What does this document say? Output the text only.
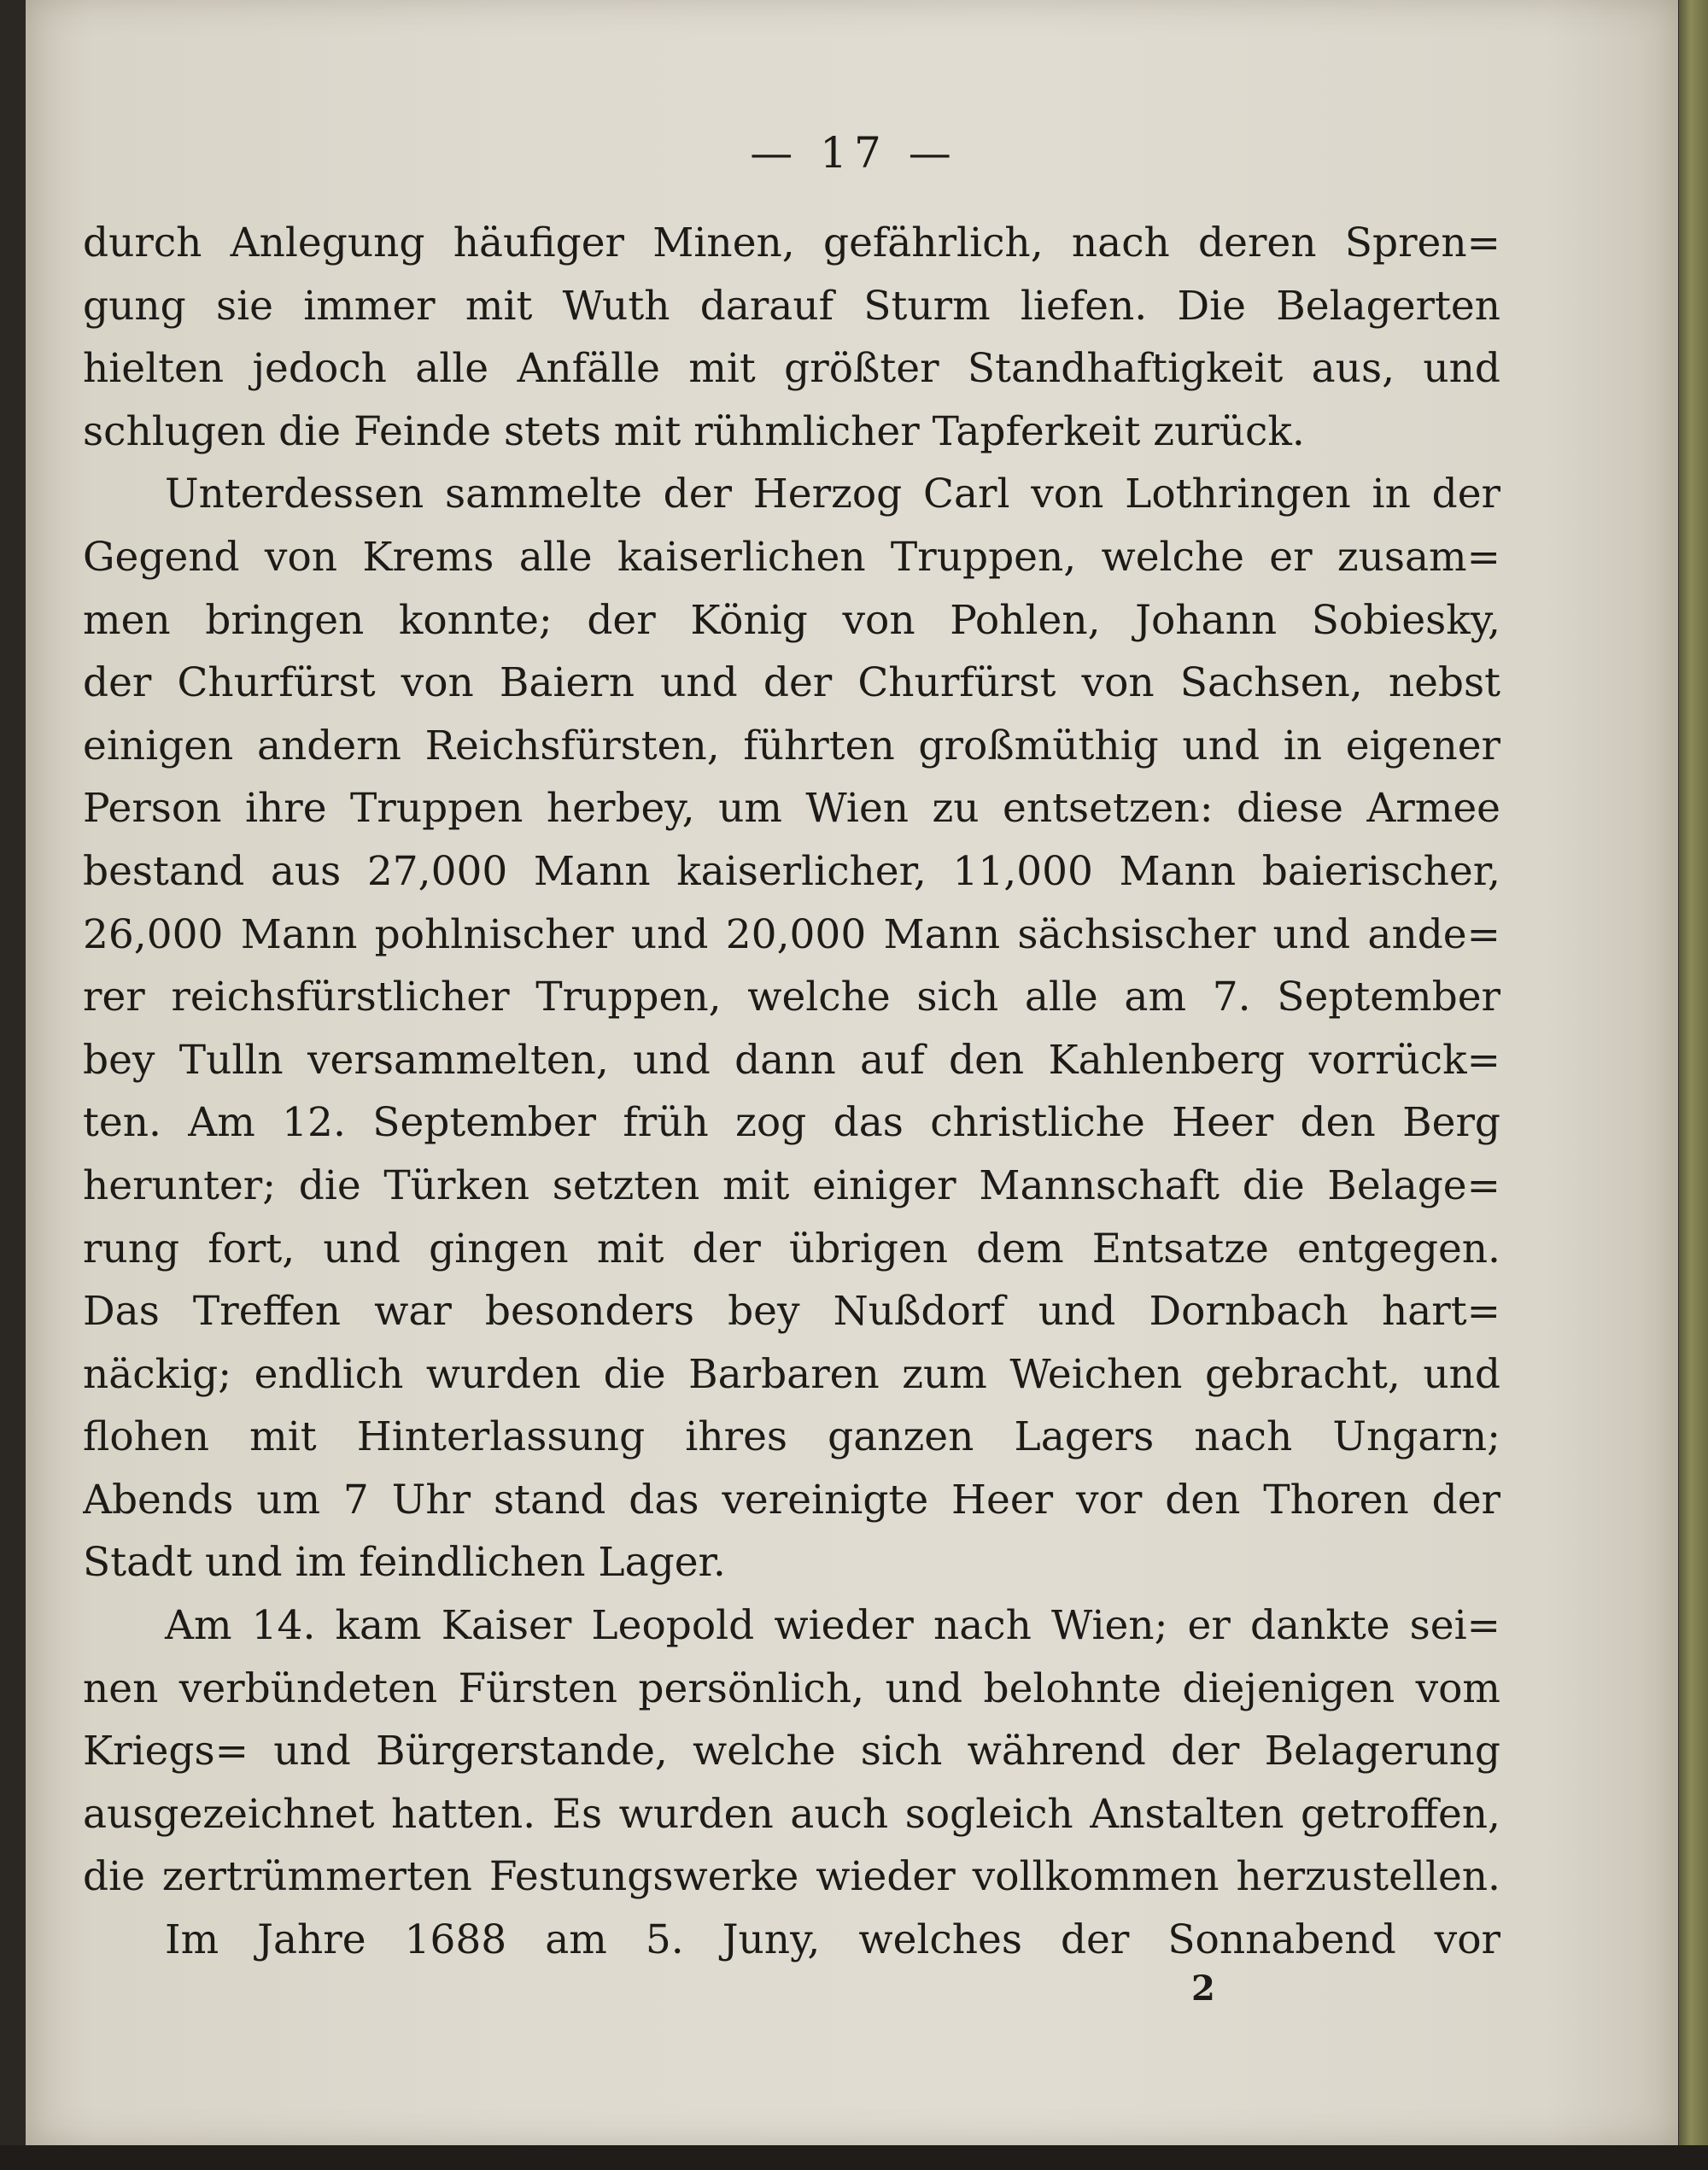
— 17 —
durch Anlegung häufiger Minen, gefährlich, nach deren Spren=
gung sie immer mit Wuth darauf Sturm liefen. Die Belagerten
hielten jedoch alle Anfälle mit größter Standhaftigkeit aus, und
schlugen die Feinde stets mit rühmlicher Tapferkeit zurück.
Unterdessen sammelte der Herzog Carl von Lothringen in der
Gegend von Krems alle kaiserlichen Truppen, welche er zusam=
men bringen konnte; der König von Pohlen, Johann Sobiesky,
der Churfürst von Baiern und der Churfürst von Sachsen, nebst
einigen andern Reichsfürsten, führten großmüthig und in eigener
Person ihre Truppen herbey, um Wien zu entsetzen: diese Armee
bestand aus 27,000 Mann kaiserlicher, 11,000 Mann baierischer,
26,000 Mann pohlnischer und 20,000 Mann sächsischer und ande=
rer reichsfürstlicher Truppen, welche sich alle am 7. September
bey Tulln versammelten, und dann auf den Kahlenberg vorrück=
ten. Am 12. September früh zog das christliche Heer den Berg
herunter; die Türken setzten mit einiger Mannschaft die Belage=
rung fort, und gingen mit der übrigen dem Entsatze entgegen.
Das Treffen war besonders bey Nußdorf und Dornbach hart=
näckig; endlich wurden die Barbaren zum Weichen gebracht, und
flohen mit Hinterlassung ihres ganzen Lagers nach Ungarn;
Abends um 7 Uhr stand das vereinigte Heer vor den Thoren der
Stadt und im feindlichen Lager.
Am 14. kam Kaiser Leopold wieder nach Wien; er dankte sei=
nen verbündeten Fürsten persönlich, und belohnte diejenigen vom
Kriegs= und Bürgerstande, welche sich während der Belagerung
ausgezeichnet hatten. Es wurden auch sogleich Anstalten getroffen,
die zertrümmerten Festungswerke wieder vollkommen herzustellen.
Im Jahre 1688 am 5. Juny, welches der Sonnabend vor
2
